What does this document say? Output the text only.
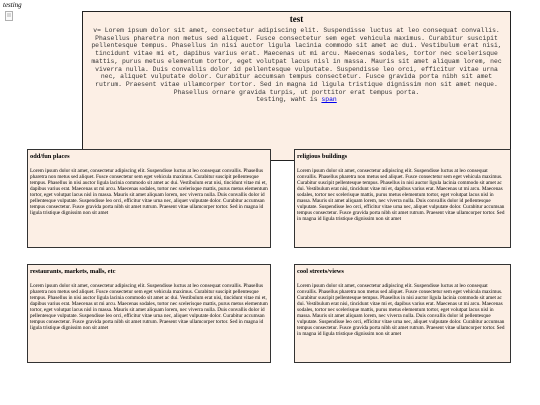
testing
test
v= Lorem ipsum dolor sit amet, consectetur adipiscing elit. Suspendisse luctus at leo consequat convallis. Phasellus pharetra non metus sed aliquet. Fusce consectetur sem eget vehicula maximus. Curabitur suscipit pellentesque tempus. Phasellus in nisi auctor ligula lacinia commodo sit amet ac dui. Vestibulum erat nisi, tincidunt vitae mi et, dapibus varius erat. Maecenas ut mi arcu. Maecenas sodales, tortor nec scelerisque mattis, purus metus elementum tortor, eget volutpat lacus nisl in massa. Mauris sit amet aliquam lorem, nec viverra nulla. Duis convallis dolor id pellentesque vulputate. Suspendisse leo orci, efficitur vitae urna nec, aliquet vulputate dolor. Curabitur accumsan tempus consectetur. Fusce gravida porta nibh sit amet rutrum. Praesent vitae ullamcorper tortor. Sed in magna id ligula tristique dignissim non sit amet neque. Phasellus ornare gravida turpis, ut porttitor erat tempus porta.
testing, waht is span
odd/fun places

Lorem ipsum dolor sit amet, consectetur adipiscing elit. Suspendisse luctus at leo consequat convallis. Phasellus pharetra non metus sed aliquet. Fusce consectetur sem eget vehicula maximus. Curabitur suscipit pellentesque tempus. Phasellus in nisi auctor ligula lacinia commodo sit amet ac dui. Vestibulum erat nisi, tincidunt vitae mi et, dapibus varius erat. Maecenas ut mi arcu. Maecenas sodales, tortor nec scelerisque mattis, purus metus elementum tortor, eget volutpat lacus nisl in massa. Mauris sit amet aliquam lorem, nec viverra nulla. Duis convallis dolor id pellentesque vulputate. Suspendisse leo orci, efficitur vitae urna nec, aliquet vulputate dolor. Curabitur accumsan tempus consectetur. Fusce gravida porta nibh sit amet rutrum. Praesent vitae ullamcorper tortor. Sed in magna id ligula tristique dignissim non sit amet

religious buildings

Lorem ipsum dolor sit amet, consectetur adipiscing elit. Suspendisse luctus at leo consequat convallis. Phasellus pharetra non metus sed aliquet. Fusce consectetur sem eget vehicula maximus. Curabitur suscipit pellentesque tempus. Phasellus in nisi auctor ligula lacinia commodo sit amet ac dui. Vestibulum erat nisi, tincidunt vitae mi et, dapibus varius erat. Maecenas ut mi arcu. Maecenas sodales, tortor nec scelerisque mattis, purus metus elementum tortor, eget volutpat lacus nisl in massa. Mauris sit amet aliquam lorem, nec viverra nulla. Duis convallis dolor id pellentesque vulputate. Suspendisse leo orci, efficitur vitae urna nec, aliquet vulputate dolor. Curabitur accumsan tempus consectetur. Fusce gravida porta nibh sit amet rutrum. Praesent vitae ullamcorper tortor. Sed in magna id ligula tristique dignissim non sit amet

restaurants, markets, malls, etc

Lorem ipsum dolor sit amet, consectetur adipiscing elit. Suspendisse luctus at leo consequat convallis. Phasellus pharetra non metus sed aliquet. Fusce consectetur sem eget vehicula maximus. Curabitur suscipit pellentesque tempus. Phasellus in nisi auctor ligula lacinia commodo sit amet ac dui. Vestibulum erat nisi, tincidunt vitae mi et, dapibus varius erat. Maecenas ut mi arcu. Maecenas sodales, tortor nec scelerisque mattis, purus metus elementum tortor, eget volutpat lacus nisl in massa. Mauris sit amet aliquam lorem, nec viverra nulla. Duis convallis dolor id pellentesque vulputate. Suspendisse leo orci, efficitur vitae urna nec, aliquet vulputate dolor. Curabitur accumsan tempus consectetur. Fusce gravida porta nibh sit amet rutrum. Praesent vitae ullamcorper tortor. Sed in magna id ligula tristique dignissim non sit amet

cool streets/views

Lorem ipsum dolor sit amet, consectetur adipiscing elit. Suspendisse luctus at leo consequat convallis. Phasellus pharetra non metus sed aliquet. Fusce consectetur sem eget vehicula maximus. Curabitur suscipit pellentesque tempus. Phasellus in nisi auctor ligula lacinia commodo sit amet ac dui. Vestibulum erat nisi, tincidunt vitae mi et, dapibus varius erat. Maecenas ut mi arcu. Maecenas sodales, tortor nec scelerisque mattis, purus metus elementum tortor, eget volutpat lacus nisl in massa. Mauris sit amet aliquam lorem, nec viverra nulla. Duis convallis dolor id pellentesque vulputate. Suspendisse leo orci, efficitur vitae urna nec, aliquet vulputate dolor. Curabitur accumsan tempus consectetur. Fusce gravida porta nibh sit amet rutrum. Praesent vitae ullamcorper tortor. Sed in magna id ligula tristique dignissim non sit amet
